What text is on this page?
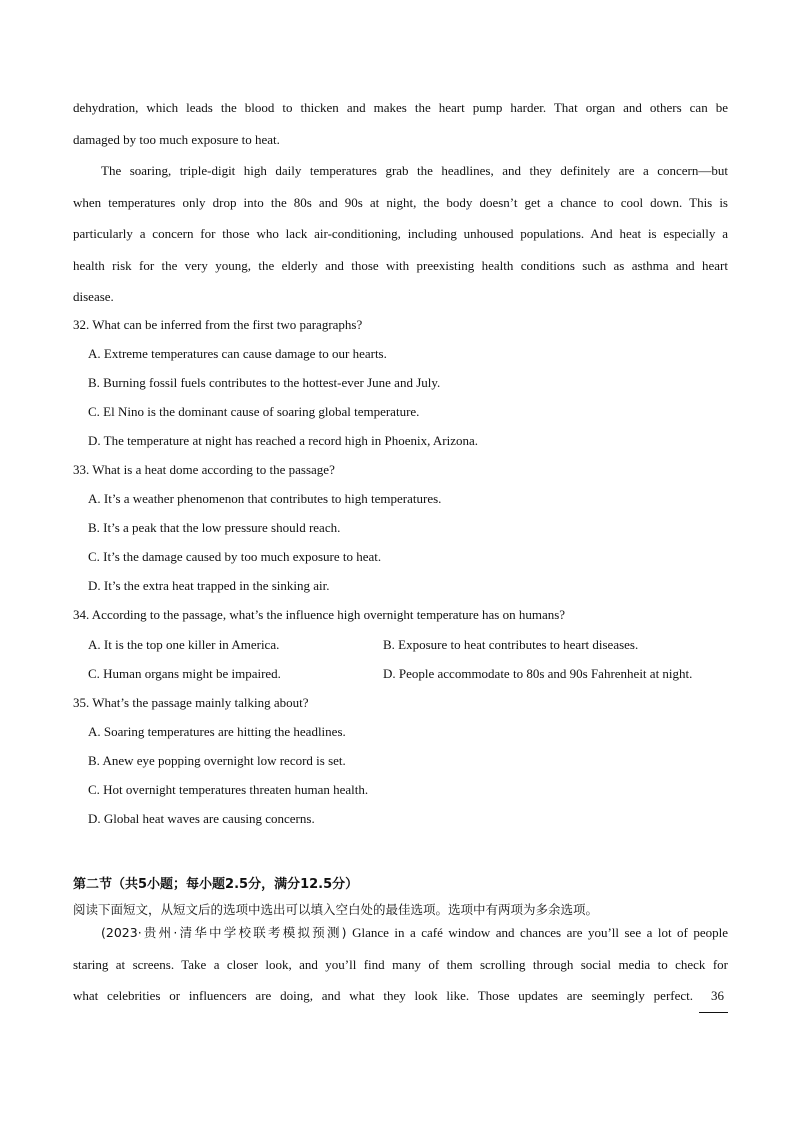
dehydration, which leads the blood to thicken and makes the heart pump harder. That organ and others can be
damaged by too much exposure to heat.
The soaring, triple-digit high daily temperatures grab the headlines, and they definitely are a concern—but
when temperatures only drop into the 80s and 90s at night, the body doesn’t get a chance to cool down. This is
particularly a concern for those who lack air-conditioning, including unhoused populations. And heat is especially a
health risk for the very young, the elderly and those with preexisting health conditions such as asthma and heart
disease.

32. What can be inferred from the first two paragraphs?

A. Extreme temperatures can cause damage to our hearts.

B. Burning fossil fuels contributes to the hottest-ever June and July.

C. El Nino is the dominant cause of soaring global temperature.

D. The temperature at night has reached a record high in Phoenix, Arizona.

33. What is a heat dome according to the passage?

A. It’s a weather phenomenon that contributes to high temperatures.

B. It’s a peak that the low pressure should reach.

C. It’s the damage caused by too much exposure to heat.

D. It’s the extra heat trapped in the sinking air.

34. According to the passage, what’s the influence high overnight temperature has on humans?

A. It is the top one killer in America.	B. Exposure to heat contributes to heart diseases.

C. Human organs might be impaired.	D. People accommodate to 80s and 90s Fahrenheit at night.

35. What’s the passage mainly talking about?

A. Soaring temperatures are hitting the headlines.

B. Anew eye popping overnight low record is set.

C. Hot overnight temperatures threaten human health.

D. Global heat waves are causing concerns.

第二节（共5小题；每小题2.5分，满分12.5分）

阅读下面短文，从短文后的选项中选出可以填入空白处的最佳选项。选项中有两项为多余选项。

(2023·贵州·清华中学校联考模拟预测) Glance in a café window and chances are you’ll see a lot of people
staring at screens. Take a closer look, and you’ll find many of them scrolling through social media to check for
what celebrities or influencers are doing, and what they look like. Those updates are seemingly perfect. 36
